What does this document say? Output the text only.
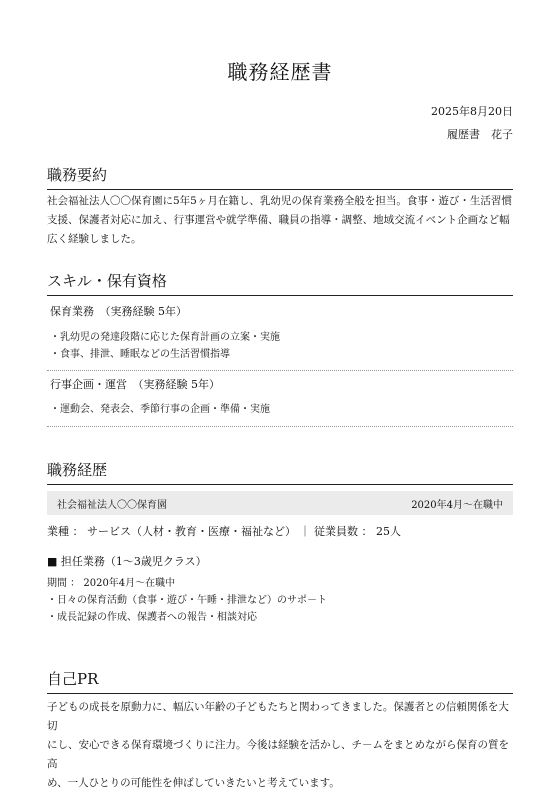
職務経歴書
2025年8月20日
履歴書　花子
職務要約
社会福祉法人〇〇保育園に5年5ヶ月在籍し、乳幼児の保育業務全般を担当。食事・遊び・生活習慣
支援、保護者対応に加え、行事運営や就学準備、職員の指導・調整、地域交流イベント企画など幅
広く経験しました。
スキル・保有資格
保育業務　（実務経験 5年）
・乳幼児の発達段階に応じた保育計画の立案・実施
・食事、排泄、睡眠などの生活習慣指導
行事企画・運営　（実務経験 5年）
・運動会、発表会、季節行事の企画・準備・実施
職務経歴
社会福祉法人〇〇保育園	2020年4月～在職中
業種 ： サービス（人材・教育・医療・福祉など） ｜ 従業員数 ： 25人
■ 担任業務（1～3歳児クラス）
期間 ： 2020年4月～在職中
・日々の保育活動（食事・遊び・午睡・排泄など）のサポ－ト
・成長記録の作成、保護者への報告・相談対応
自己PR
子どもの成長を原動力に、幅広い年齢の子どもたちと関わってきました。保護者との信頼関係を大切
にし、安心できる保育環境づくりに注力。今後は経験を活かし、チ－ムをまとめながら保育の質を高
め、一人ひとりの可能性を伸ばしていきたいと考えています。
